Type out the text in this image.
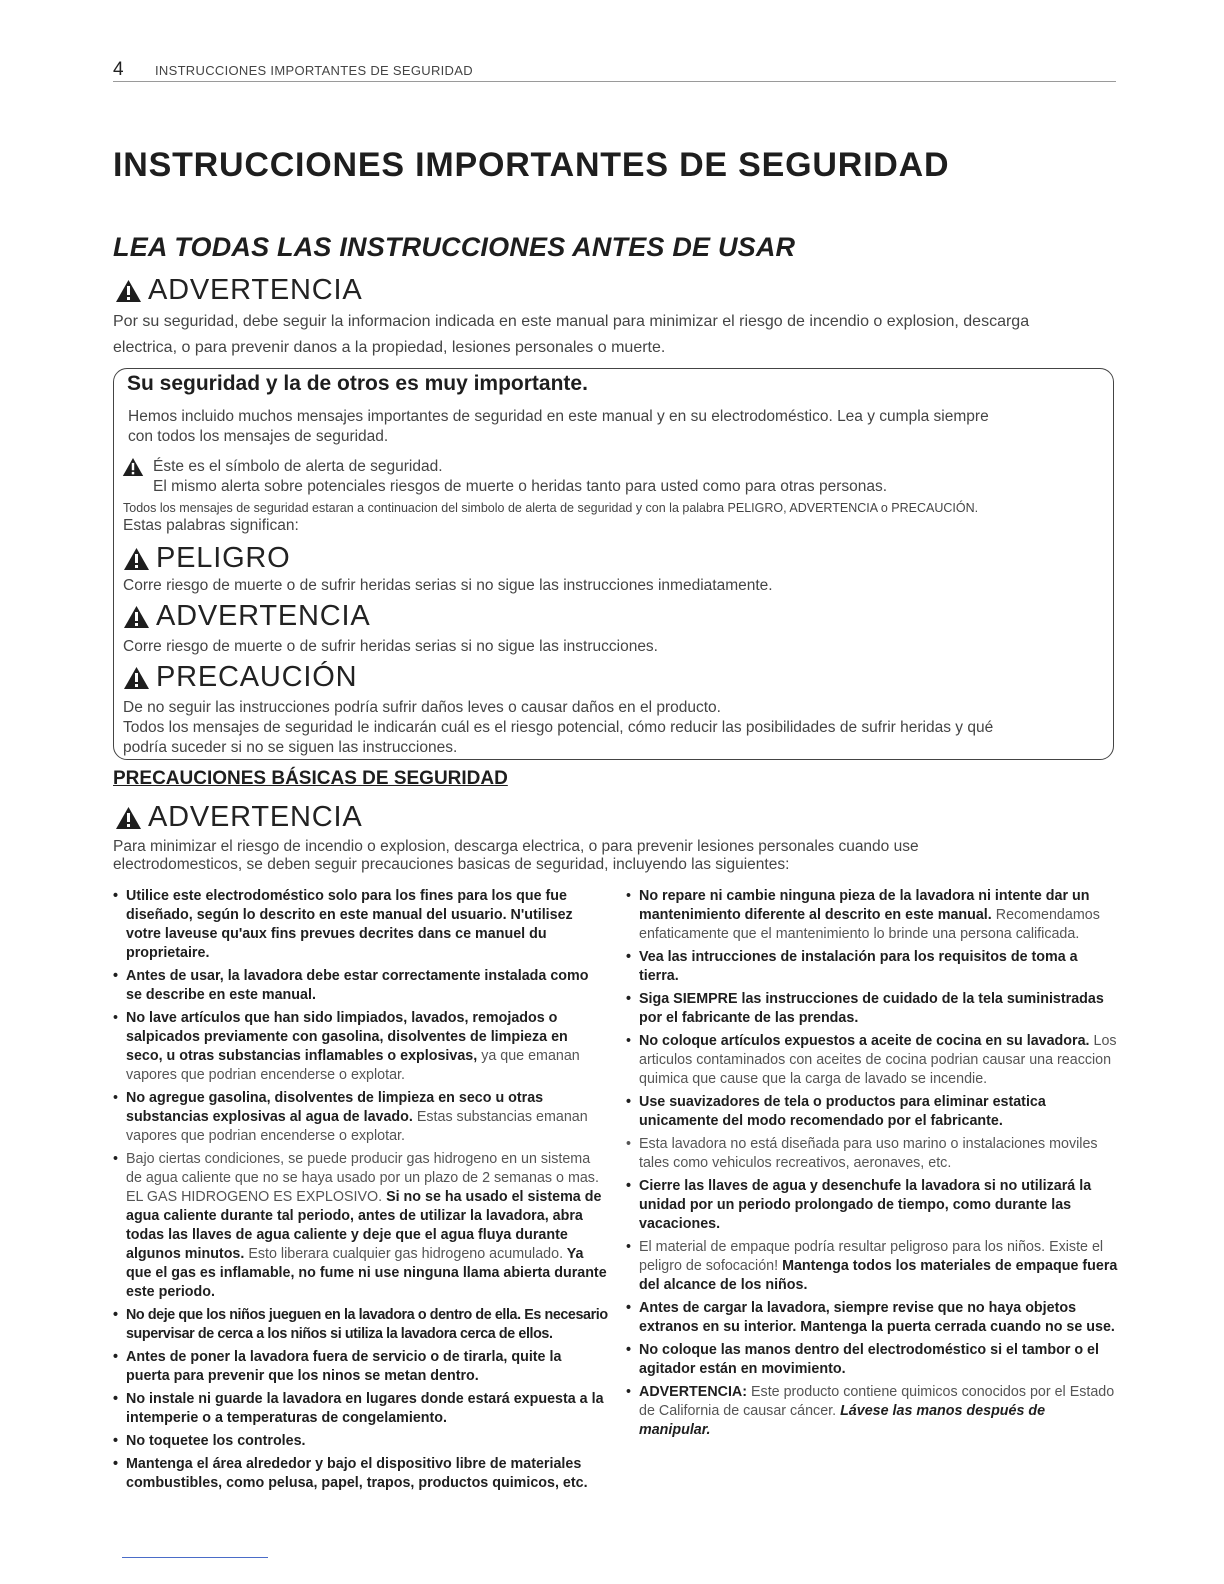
4 INSTRUCCIONES IMPORTANTES DE SEGURIDAD
INSTRUCCIONES IMPORTANTES DE SEGURIDAD
LEA TODAS LAS INSTRUCCIONES ANTES DE USAR
ADVERTENCIA
Por su seguridad, debe seguir la informacion indicada en este manual para minimizar el riesgo de incendio o explosion, descarga
electrica, o para prevenir danos a la propiedad, lesiones personales o muerte.
Su seguridad y la de otros es muy importante.
Hemos incluido muchos mensajes importantes de seguridad en este manual y en su electrodoméstico. Lea y cumpla siempre
con todos los mensajes de seguridad.
Éste es el símbolo de alerta de seguridad.
El mismo alerta sobre potenciales riesgos de muerte o heridas tanto para usted como para otras personas.
Todos los mensajes de seguridad estaran a continuacion del simbolo de alerta de seguridad y con la palabra PELIGRO, ADVERTENCIA o PRECAUCIÓN.
Estas palabras significan:
PELIGRO
Corre riesgo de muerte o de sufrir heridas serias si no sigue las instrucciones inmediatamente.
ADVERTENCIA
Corre riesgo de muerte o de sufrir heridas serias si no sigue las instrucciones.
PRECAUCIÓN
De no seguir las instrucciones podría sufrir daños leves o causar daños en el producto.
Todos los mensajes de seguridad le indicarán cuál es el riesgo potencial, cómo reducir las posibilidades de sufrir heridas y qué
podría suceder si no se siguen las instrucciones.
PRECAUCIONES BÁSICAS DE SEGURIDAD
ADVERTENCIA
Para minimizar el riesgo de incendio o explosion, descarga electrica, o para prevenir lesiones personales cuando use
electrodomesticos, se deben seguir precauciones basicas de seguridad, incluyendo las siguientes:
• Utilice este electrodoméstico solo para los fines para los que fue diseñado, según lo descrito en este manual del usuario. N'utilisez votre laveuse qu'aux fins prevues decrites dans ce manuel du proprietaire.
• Antes de usar, la lavadora debe estar correctamente instalada como se describe en este manual.
• No lave artículos que han sido limpiados, lavados, remojados o salpicados previamente con gasolina, disolventes de limpieza en seco, u otras substancias inflamables o explosivas, ya que emanan vapores que podrian encenderse o explotar.
• No agregue gasolina, disolventes de limpieza en seco u otras substancias explosivas al agua de lavado. Estas substancias emanan vapores que podrian encenderse o explotar.
• Bajo ciertas condiciones, se puede producir gas hidrogeno en un sistema de agua caliente que no se haya usado por un plazo de 2 semanas o mas. EL GAS HIDROGENO ES EXPLOSIVO. Si no se ha usado el sistema de agua caliente durante tal periodo, antes de utilizar la lavadora, abra todas las llaves de agua caliente y deje que el agua fluya durante algunos minutos. Esto liberara cualquier gas hidrogeno acumulado. Ya que el gas es inflamable, no fume ni use ninguna llama abierta durante este periodo.
• No deje que los niños jueguen en la lavadora o dentro de ella. Es necesario supervisar de cerca a los niños si utiliza la lavadora cerca de ellos.
• Antes de poner la lavadora fuera de servicio o de tirarla, quite la puerta para prevenir que los ninos se metan dentro.
• No instale ni guarde la lavadora en lugares donde estará expuesta a la intemperie o a temperaturas de congelamiento.
• No toquetee los controles.
• Mantenga el área alrededor y bajo el dispositivo libre de materiales combustibles, como pelusa, papel, trapos, productos quimicos, etc.
• No repare ni cambie ninguna pieza de la lavadora ni intente dar un mantenimiento diferente al descrito en este manual. Recomendamos enfaticamente que el mantenimiento lo brinde una persona calificada.
• Vea las intrucciones de instalación para los requisitos de toma a tierra.
• Siga SIEMPRE las instrucciones de cuidado de la tela suministradas por el fabricante de las prendas.
• No coloque artículos expuestos a aceite de cocina en su lavadora. Los articulos contaminados con aceites de cocina podrian causar una reaccion quimica que cause que la carga de lavado se incendie.
• Use suavizadores de tela o productos para eliminar estatica unicamente del modo recomendado por el fabricante.
• Esta lavadora no está diseñada para uso marino o instalaciones moviles tales como vehiculos recreativos, aeronaves, etc.
• Cierre las llaves de agua y desenchufe la lavadora si no utilizará la unidad por un periodo prolongado de tiempo, como durante las vacaciones.
• El material de empaque podría resultar peligroso para los niños. Existe el peligro de sofocación! Mantenga todos los materiales de empaque fuera del alcance de los niños.
• Antes de cargar la lavadora, siempre revise que no haya objetos extranos en su interior. Mantenga la puerta cerrada cuando no se use.
• No coloque las manos dentro del electrodoméstico si el tambor o el agitador están en movimiento.
• ADVERTENCIA: Este producto contiene quimicos conocidos por el Estado de California de causar cáncer. Lávese las manos después de manipular.
